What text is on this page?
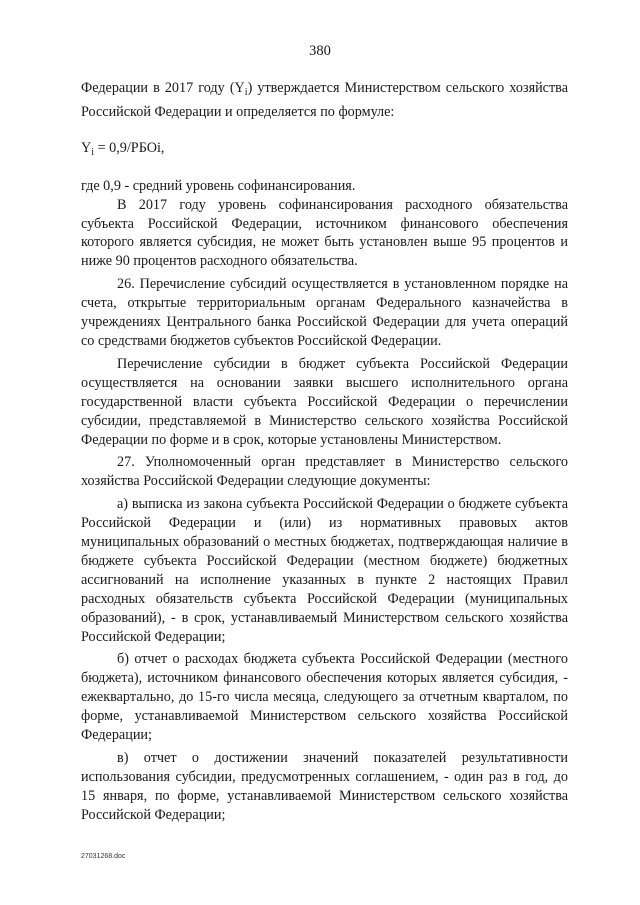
380

Федерации в 2017 году $(Y_i)$ утверждается Министерством сельского хозяйства Российской Федерации и определяется по формуле:

$Y_i$ = 0,9/РБОi,

где 0,9 - средний уровень софинансирования.

В 2017 году уровень софинансирования расходного обязательства субъекта Российской Федерации, источником финансового обеспечения которого является субсидия, не может быть установлен выше 95 процентов и ниже 90 процентов расходного обязательства.

26. Перечисление субсидий осуществляется в установленном порядке на счета, открытые территориальным органам Федерального казначейства в учреждениях Центрального банка Российской Федерации для учета операций со средствами бюджетов субъектов Российской Федерации.

Перечисление субсидии в бюджет субъекта Российской Федерации осуществляется на основании заявки высшего исполнительного органа государственной власти субъекта Российской Федерации о перечислении субсидии, представляемой в Министерство сельского хозяйства Российской Федерации по форме и в срок, которые установлены Министерством.

27. Уполномоченный орган представляет в Министерство сельского хозяйства Российской Федерации следующие документы:

а) выписка из закона субъекта Российской Федерации о бюджете субъекта Российской Федерации и (или) из нормативных правовых актов муниципальных образований о местных бюджетах, подтверждающая наличие в бюджете субъекта Российской Федерации (местном бюджете) бюджетных ассигнований на исполнение указанных в пункте 2 настоящих Правил расходных обязательств субъекта Российской Федерации (муниципальных образований), - в срок, устанавливаемый Министерством сельского хозяйства Российской Федерации;

б) отчет о расходах бюджета субъекта Российской Федерации (местного бюджета), источником финансового обеспечения которых является субсидия, - ежеквартально, до 15-го числа месяца, следующего за отчетным кварталом, по форме, устанавливаемой Министерством сельского хозяйства Российской Федерации;

в) отчет о достижении значений показателей результативности использования субсидии, предусмотренных соглашением, - один раз в год, до 15 января, по форме, устанавливаемой Министерством сельского хозяйства Российской Федерации;

27031268.doc
